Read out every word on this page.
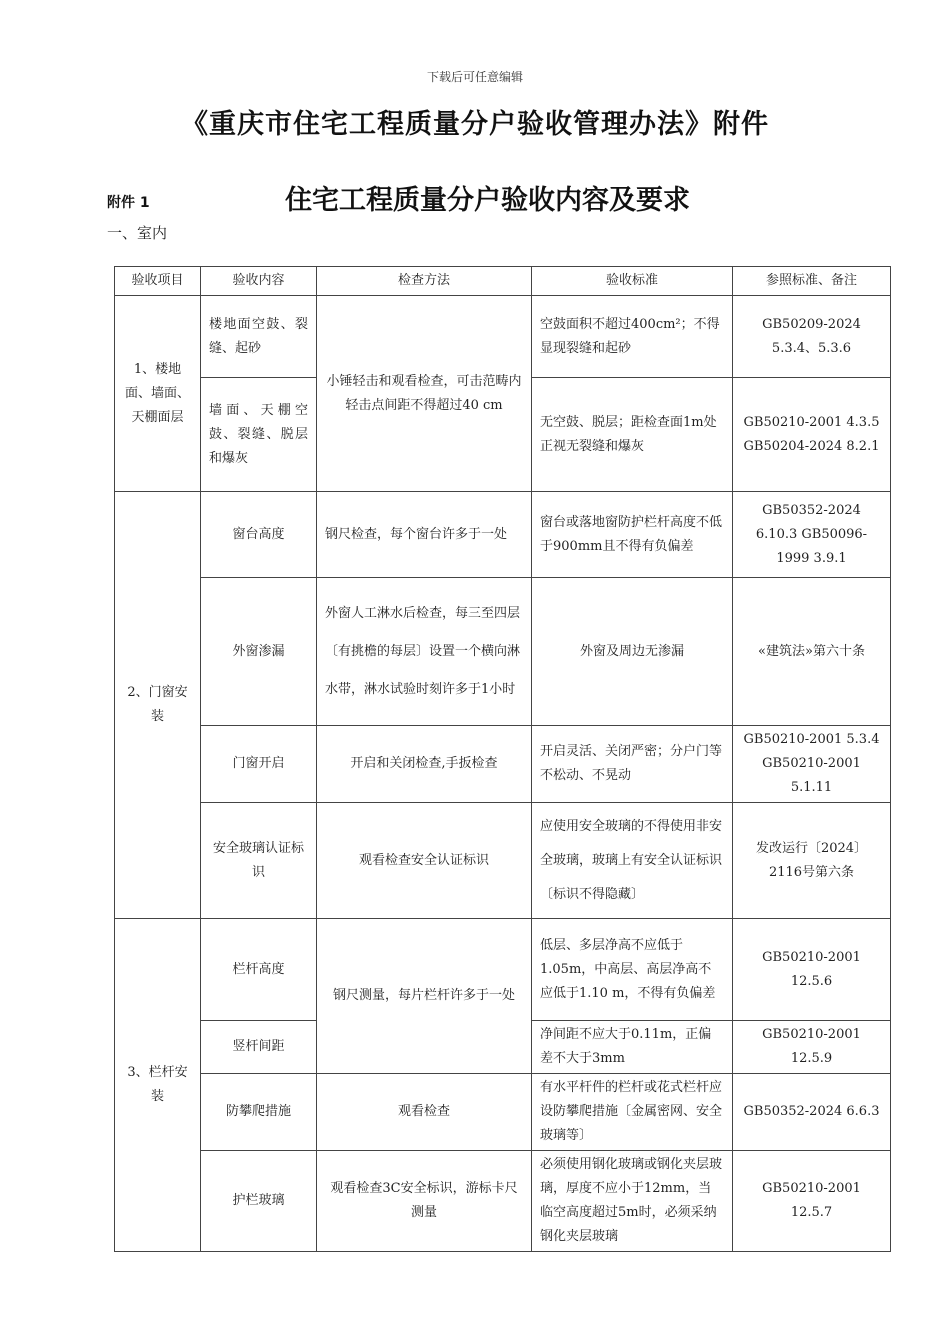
下载后可任意编辑
《重庆市住宅工程质量分户验收管理办法》附件
附件 1	住宅工程质量分户验收内容及要求
一、室内
验收项目	验收内容	检查方法	验收标准	参照标准、备注
1、楼地面、墙面、天棚面层	楼地面空鼓、裂缝、起砂	小锤轻击和观看检查，可击范畴内轻击点间距不得超过40 cm	空鼓面积不超过400cm²；不得显现裂缝和起砂	GB50209-2024 5.3.4、5.3.6
	墙面、天棚空鼓、裂缝、脱层和爆灰		无空鼓、脱层；距检查面1m处正视无裂缝和爆灰	GB50210-2001 4.3.5 GB50204-2024 8.2.1
2、门窗安装	窗台高度	钢尺检查，每个窗台许多于一处	窗台或落地窗防护栏杆高度不低于900mm且不得有负偏差	GB50352-2024 6.10.3 GB50096-1999 3.9.1
	外窗渗漏	外窗人工淋水后检查，每三至四层〔有挑檐的每层〕设置一个横向淋水带，淋水试验时刻许多于1小时	外窗及周边无渗漏	«建筑法»第六十条
	门窗开启	开启和关闭检查,手扳检查	开启灵活、关闭严密；分户门等不松动、不晃动	GB50210-2001 5.3.4 GB50210-2001 5.1.11
	安全玻璃认证标识	观看检查安全认证标识	应使用安全玻璃的不得使用非安全玻璃，玻璃上有安全认证标识〔标识不得隐藏〕	发改运行〔2024〕2116号第六条
3、栏杆安装	栏杆高度	钢尺测量，每片栏杆许多于一处	低层、多层净高不应低于1.05m，中高层、高层净高不应低于1.10 m，不得有负偏差	GB50210-2001 12.5.6
	竖杆间距		净间距不应大于0.11m，正偏差不大于3mm	GB50210-2001 12.5.9
	防攀爬措施	观看检查	有水平杆件的栏杆或花式栏杆应设防攀爬措施〔金属密网、安全玻璃等〕	GB50352-2024 6.6.3
	护栏玻璃	观看检查3C安全标识，游标卡尺测量	必须使用钢化玻璃或钢化夹层玻璃，厚度不应小于12mm，当临空高度超过5m时，必须采纳钢化夹层玻璃	GB50210-2001 12.5.7
